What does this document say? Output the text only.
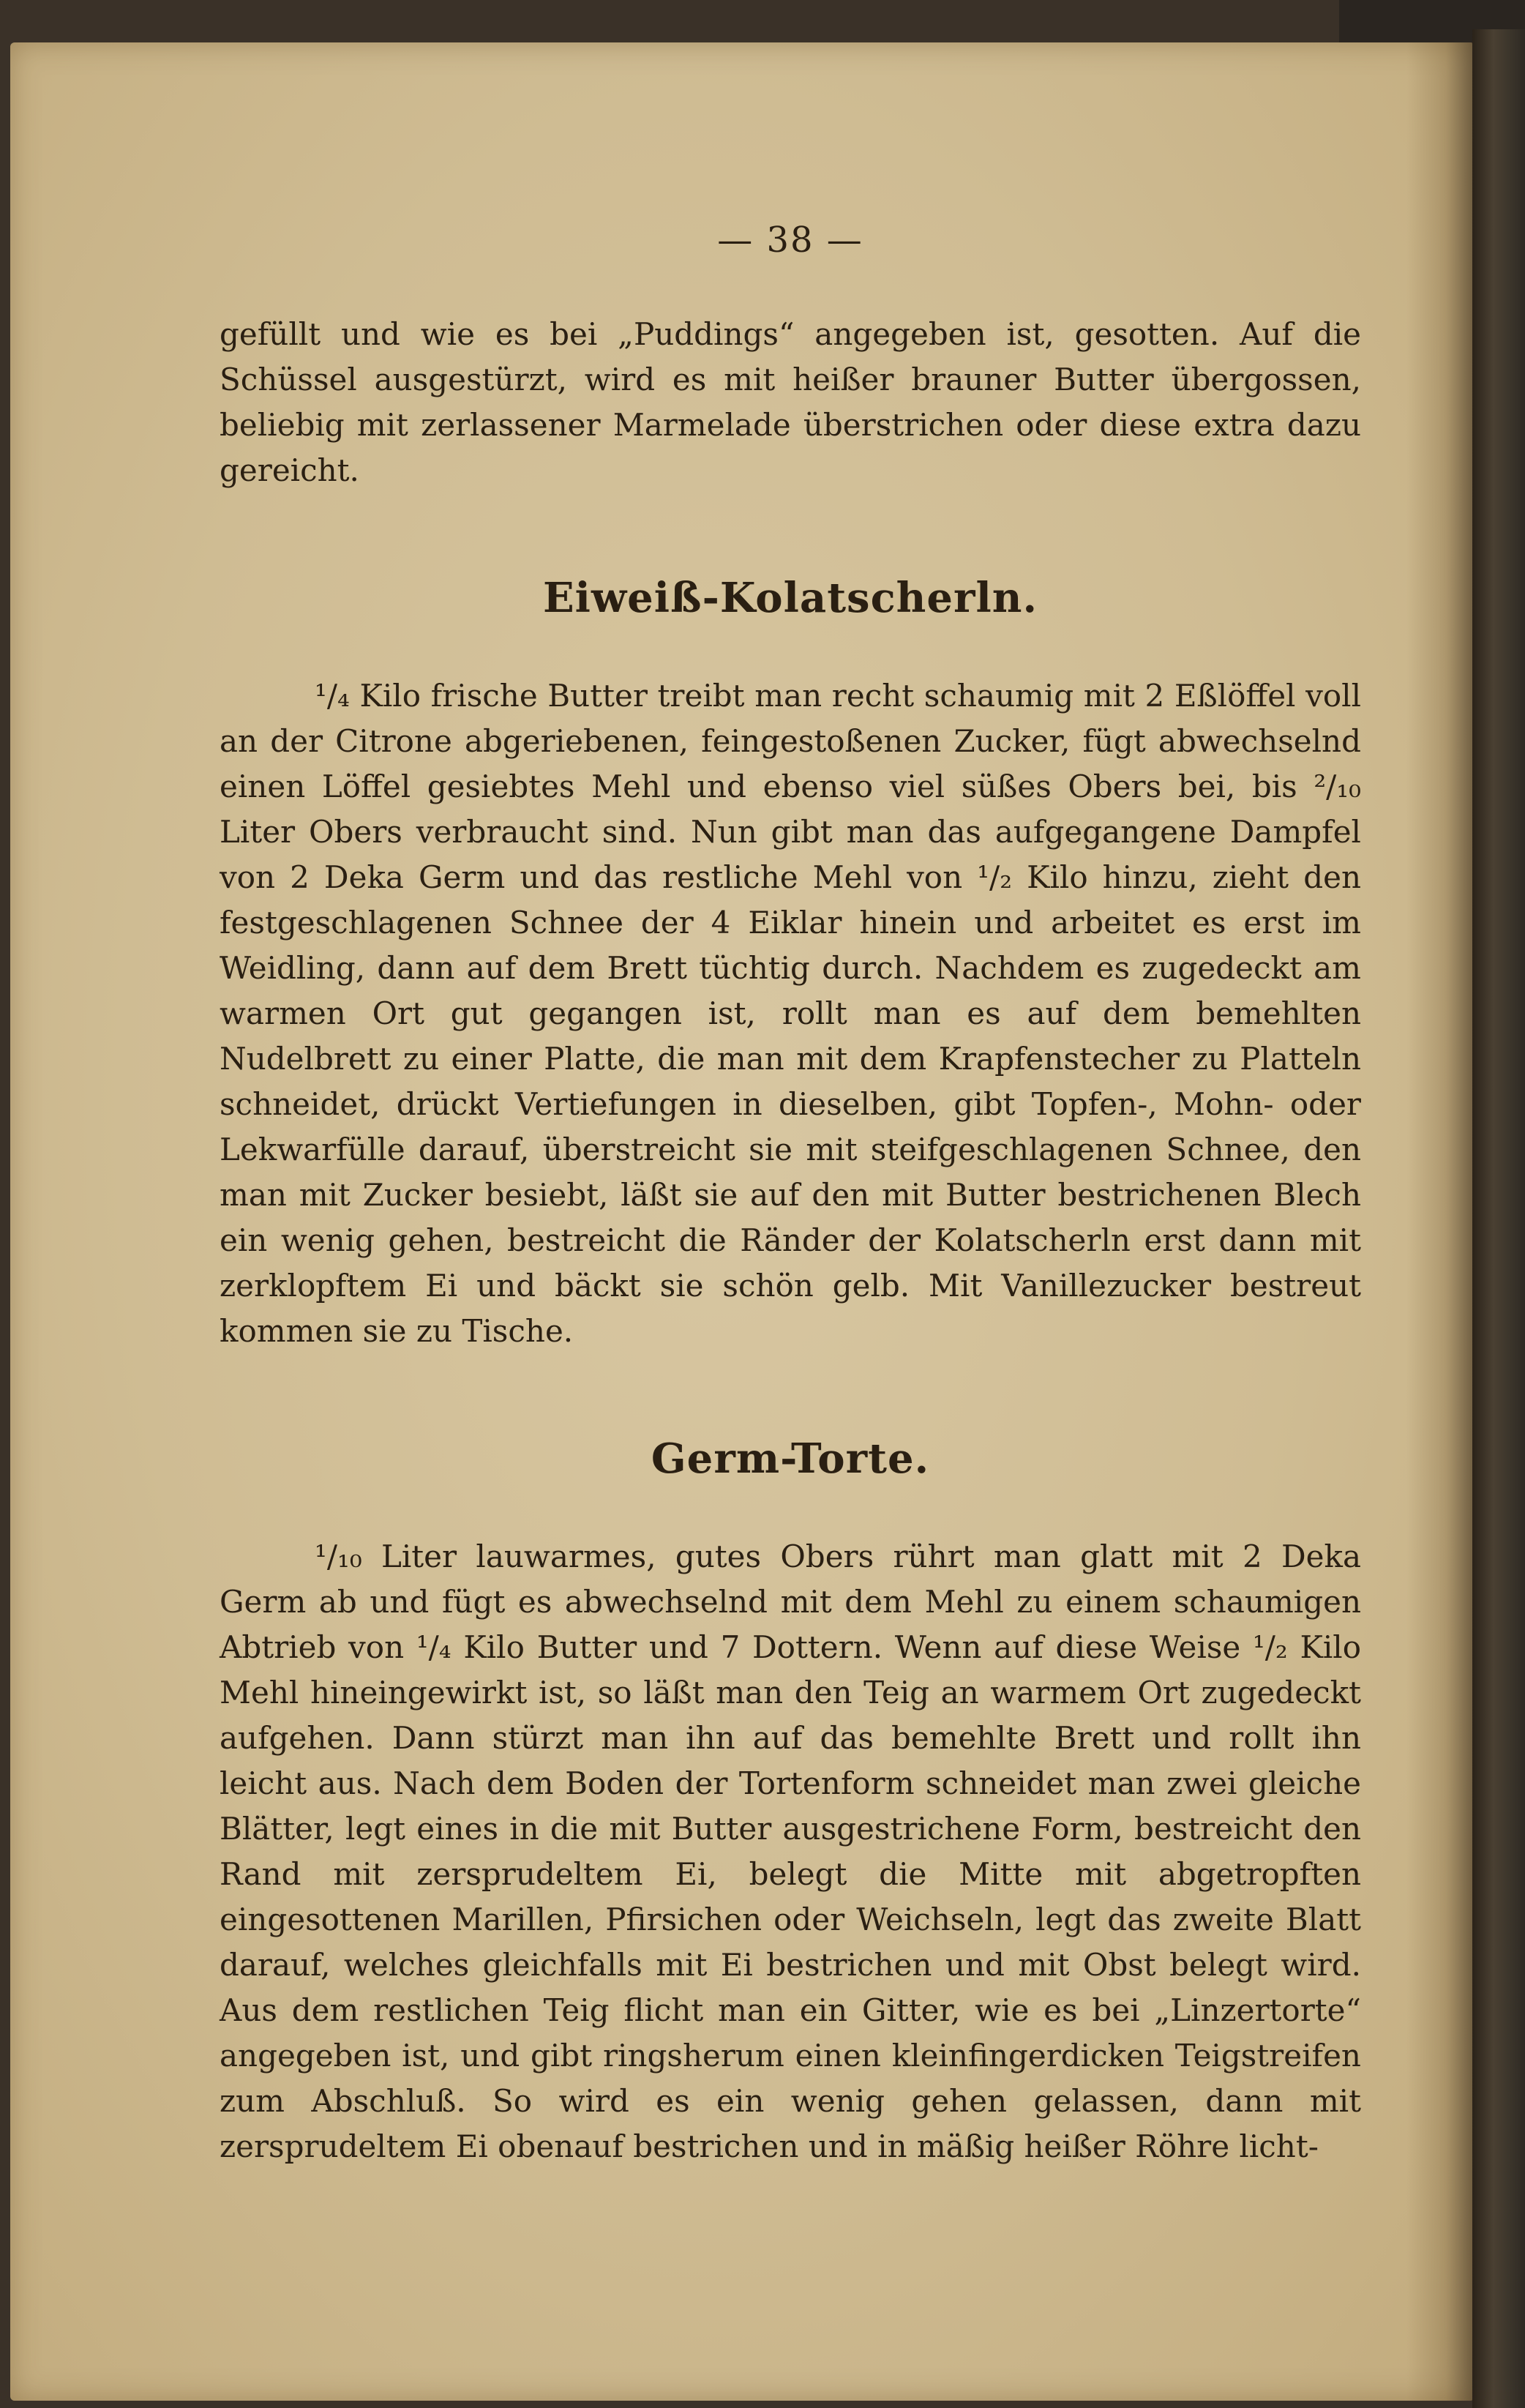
— 38 —

gefüllt und wie es bei „Puddings“ angegeben ist, gesotten. Auf die Schüssel ausgestürzt, wird es mit heißer brauner Butter übergossen, beliebig mit zerlassener Marmelade überstrichen oder diese extra dazu gereicht.

Eiweiß-Kolatscherln.

¹/₄ Kilo frische Butter treibt man recht schaumig mit 2 Eßlöffel voll an der Citrone abgeriebenen, feingestoßenen Zucker, fügt abwechselnd einen Löffel gesiebtes Mehl und ebenso viel süßes Obers bei, bis ²/₁₀ Liter Obers verbraucht sind. Nun gibt man das aufgegangene Dampfel von 2 Deka Germ und das restliche Mehl von ¹/₂ Kilo hinzu, zieht den festgeschlagenen Schnee der 4 Eiklar hinein und arbeitet es erst im Weidling, dann auf dem Brett tüchtig durch. Nachdem es zugedeckt am warmen Ort gut gegangen ist, rollt man es auf dem bemehlten Nudelbrett zu einer Platte, die man mit dem Krapfenstecher zu Platteln schneidet, drückt Vertiefungen in dieselben, gibt Topfen-, Mohn- oder Lekwarfülle darauf, überstreicht sie mit steifgeschlagenen Schnee, den man mit Zucker besiebt, läßt sie auf den mit Butter bestrichenen Blech ein wenig gehen, bestreicht die Ränder der Kolatscherln erst dann mit zerklopftem Ei und bäckt sie schön gelb. Mit Vanillezucker bestreut kommen sie zu Tische.

Germ-Torte.

¹/₁₀ Liter lauwarmes, gutes Obers rührt man glatt mit 2 Deka Germ ab und fügt es abwechselnd mit dem Mehl zu einem schaumigen Abtrieb von ¹/₄ Kilo Butter und 7 Dottern. Wenn auf diese Weise ¹/₂ Kilo Mehl hineingewirkt ist, so läßt man den Teig an warmem Ort zugedeckt aufgehen. Dann stürzt man ihn auf das bemehlte Brett und rollt ihn leicht aus. Nach dem Boden der Tortenform schneidet man zwei gleiche Blätter, legt eines in die mit Butter ausgestrichene Form, bestreicht den Rand mit zersprudeltem Ei, belegt die Mitte mit abgetropften eingesottenen Marillen, Pfirsichen oder Weichseln, legt das zweite Blatt darauf, welches gleichfalls mit Ei bestrichen und mit Obst belegt wird. Aus dem restlichen Teig flicht man ein Gitter, wie es bei „Linzertorte“ angegeben ist, und gibt ringsherum einen kleinfingerdicken Teigstreifen zum Abschluß. So wird es ein wenig gehen gelassen, dann mit zersprudeltem Ei obenauf bestrichen und in mäßig heißer Röhre licht-
